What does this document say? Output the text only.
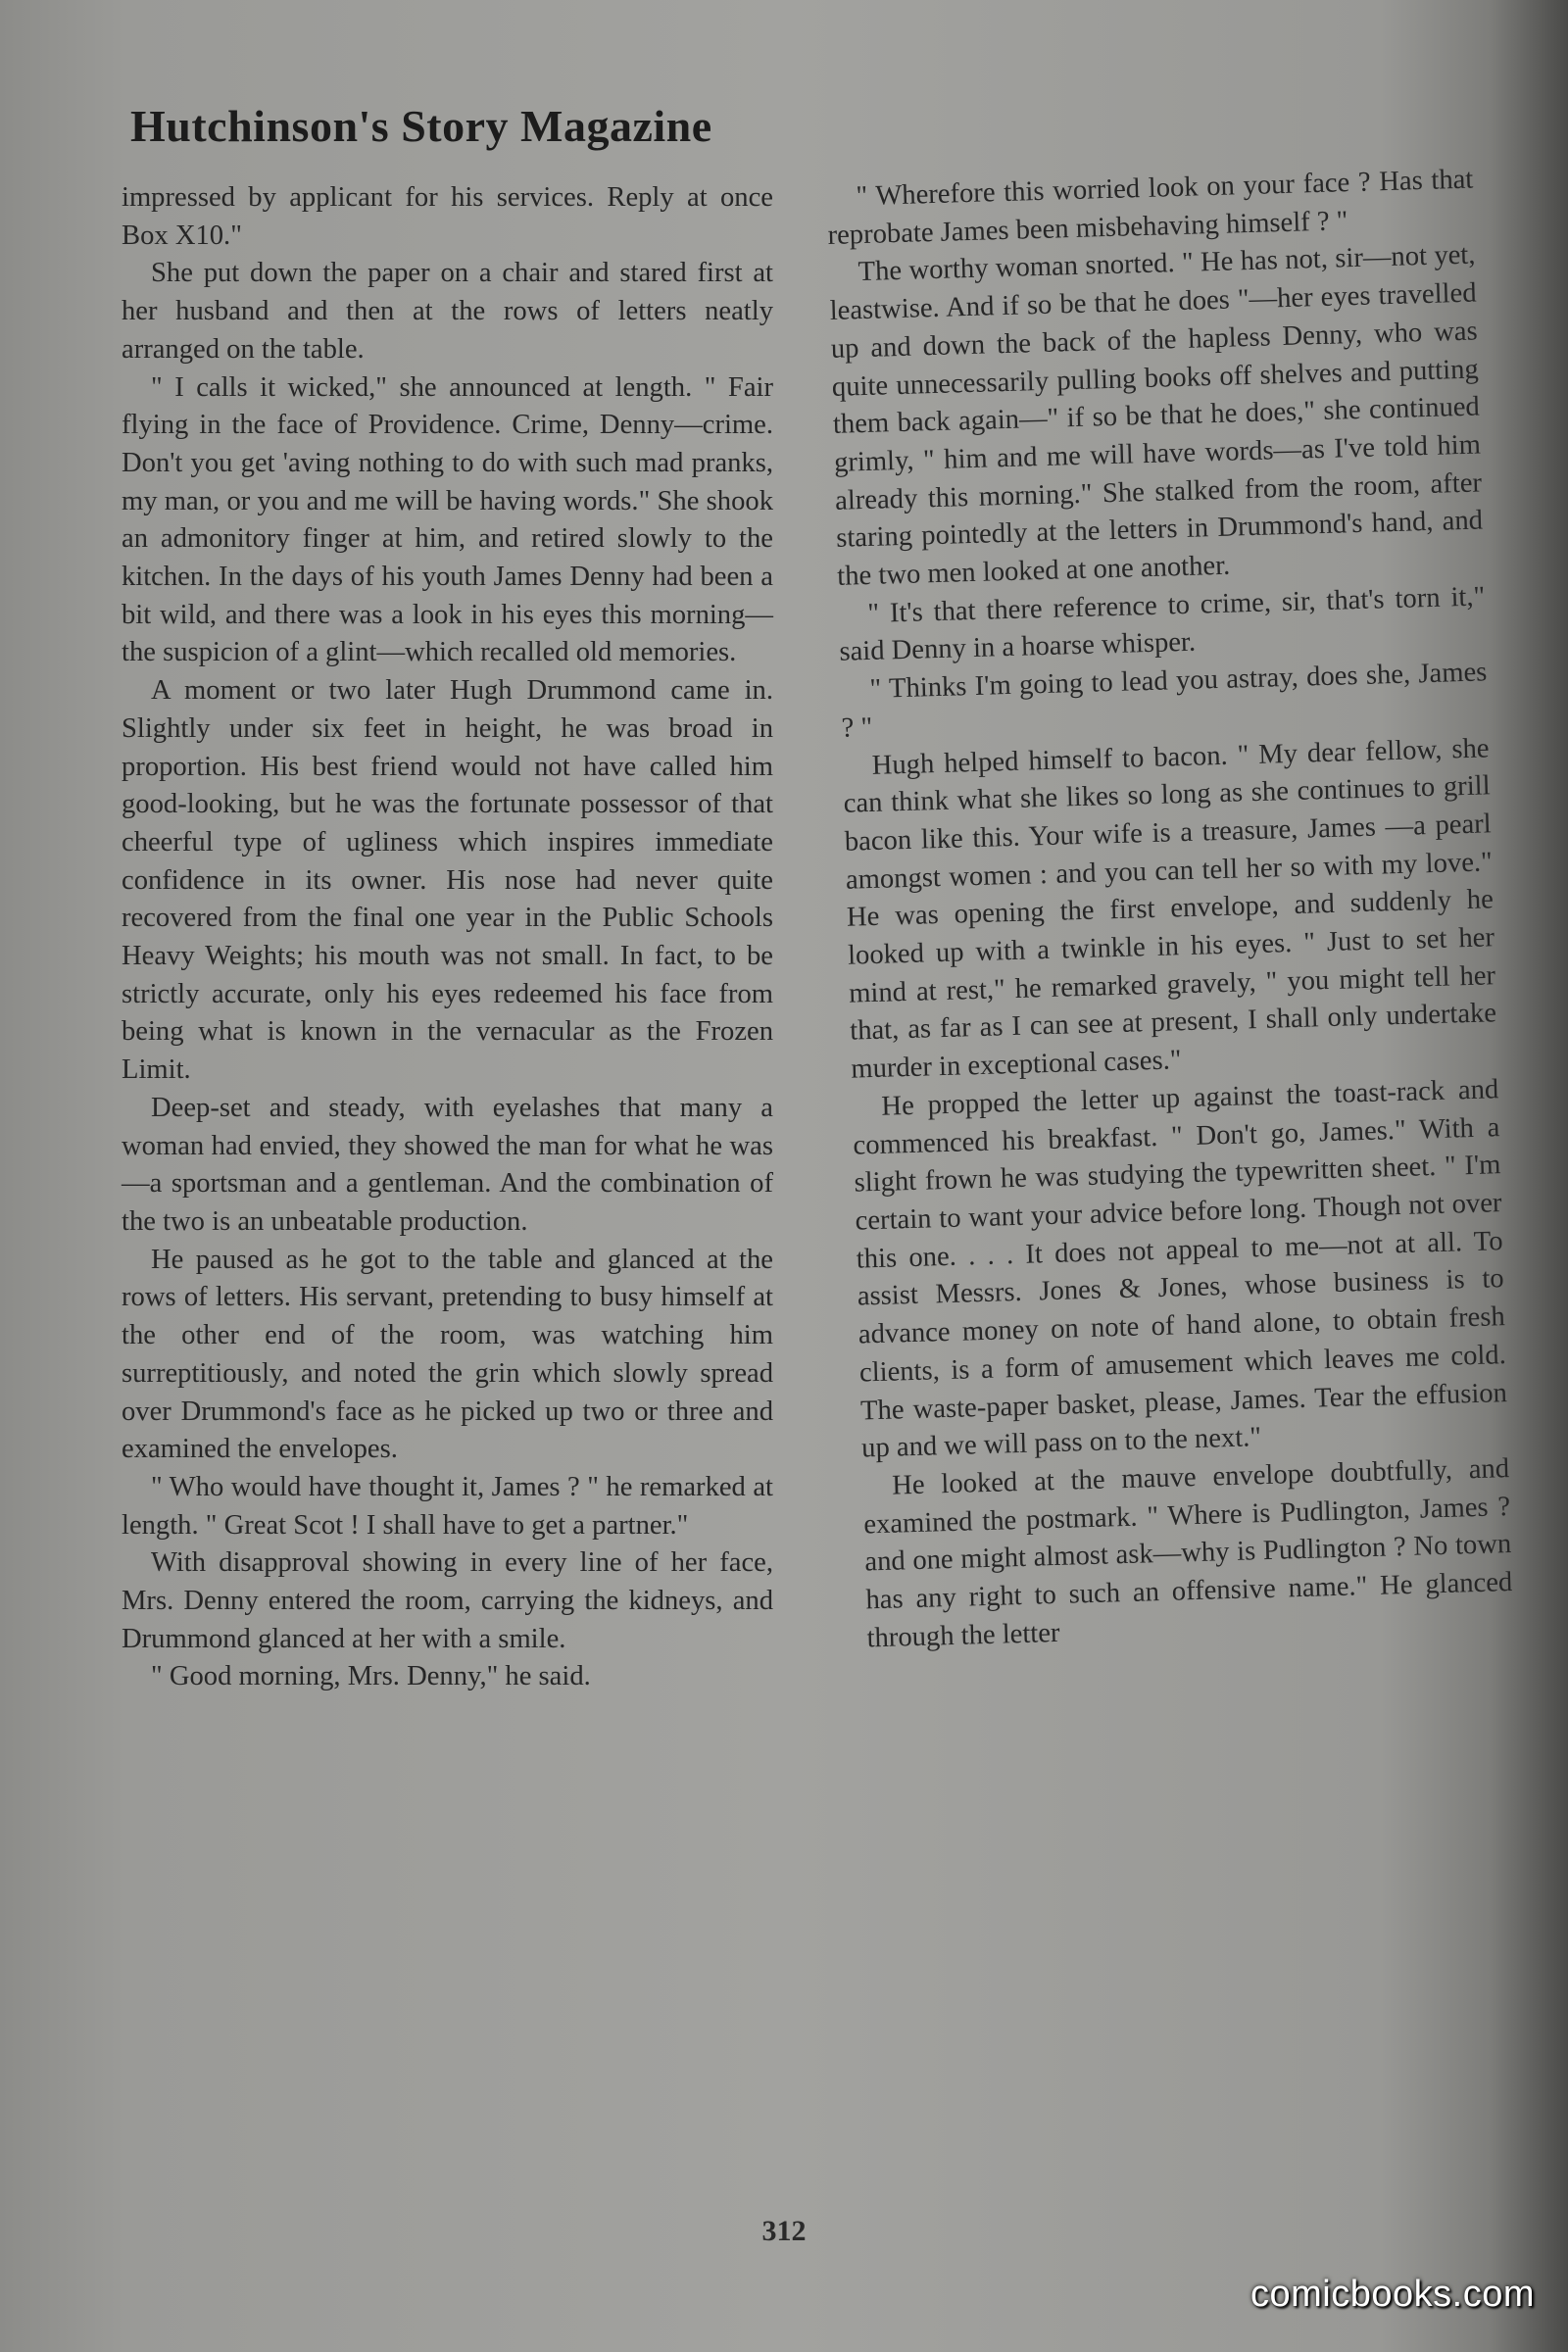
Hutchinson's Story Magazine

impressed by applicant for his services. Reply at once Box X10."

She put down the paper on a chair and stared first at her husband and then at the rows of letters neatly arranged on the table.

" I calls it wicked," she announced at length. " Fair flying in the face of Providence. Crime, Denny—crime. Don't you get 'aving nothing to do with such mad pranks, my man, or you and me will be having words." She shook an admonitory finger at him, and retired slowly to the kitchen. In the days of his youth James Denny had been a bit wild, and there was a look in his eyes this morning—the suspicion of a glint—which recalled old memories.

A moment or two later Hugh Drummond came in. Slightly under six feet in height, he was broad in proportion. His best friend would not have called him good-looking, but he was the fortunate possessor of that cheerful type of ugliness which inspires immediate confidence in its owner. His nose had never quite recovered from the final one year in the Public Schools Heavy Weights; his mouth was not small. In fact, to be strictly accurate, only his eyes redeemed his face from being what is known in the vernacular as the Frozen Limit.

Deep-set and steady, with eyelashes that many a woman had envied, they showed the man for what he was—a sportsman and a gentleman. And the combination of the two is an unbeatable production.

He paused as he got to the table and glanced at the rows of letters. His servant, pretending to busy himself at the other end of the room, was watching him surreptitiously, and noted the grin which slowly spread over Drummond's face as he picked up two or three and examined the envelopes.

" Who would have thought it, James ? " he remarked at length. " Great Scot ! I shall have to get a partner."

With disapproval showing in every line of her face, Mrs. Denny entered the room, carrying the kidneys, and Drummond glanced at her with a smile.

" Good morning, Mrs. Denny," he said.

" Wherefore this worried look on your face ? Has that reprobate James been misbehaving himself ? "

The worthy woman snorted. " He has not, sir—not yet, leastwise. And if so be that he does "—her eyes travelled up and down the back of the hapless Denny, who was quite unnecessarily pulling books off shelves and putting them back again—" if so be that he does," she continued grimly, " him and me will have words—as I've told him already this morning." She stalked from the room, after staring pointedly at the letters in Drummond's hand, and the two men looked at one another.

" It's that there reference to crime, sir, that's torn it," said Denny in a hoarse whisper.

" Thinks I'm going to lead you astray, does she, James ? "

Hugh helped himself to bacon. " My dear fellow, she can think what she likes so long as she continues to grill bacon like this. Your wife is a treasure, James —a pearl amongst women : and you can tell her so with my love." He was opening the first envelope, and suddenly he looked up with a twinkle in his eyes. " Just to set her mind at rest," he remarked gravely, " you might tell her that, as far as I can see at present, I shall only undertake murder in exceptional cases."

He propped the letter up against the toast-rack and commenced his breakfast. " Don't go, James." With a slight frown he was studying the typewritten sheet. " I'm certain to want your advice before long. Though not over this one. . . . It does not appeal to me—not at all. To assist Messrs. Jones & Jones, whose business is to advance money on note of hand alone, to obtain fresh clients, is a form of amusement which leaves me cold. The waste-paper basket, please, James. Tear the effusion up and we will pass on to the next."

He looked at the mauve envelope doubtfully, and examined the postmark. " Where is Pudlington, James ? and one might almost ask—why is Pudlington ? No town has any right to such an offensive name." He glanced through the letter

312
comicbooks.com
